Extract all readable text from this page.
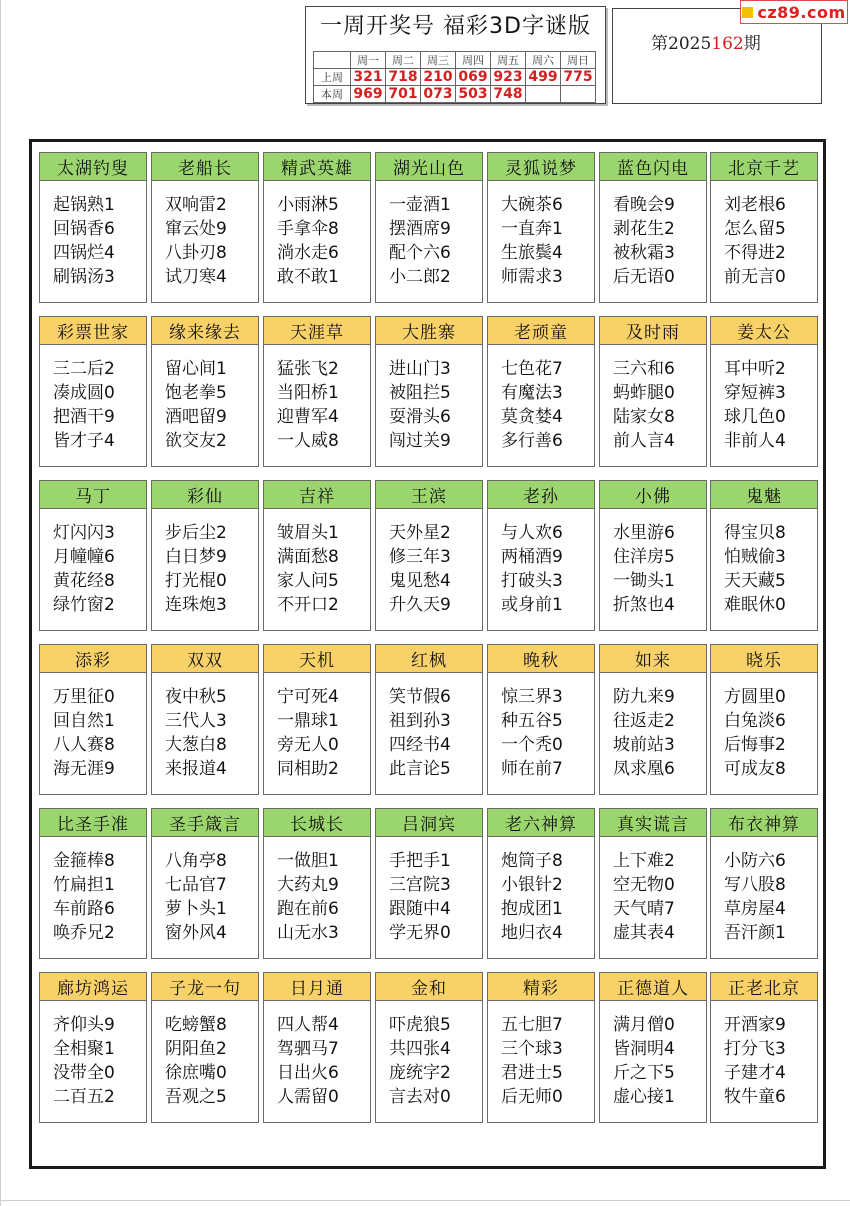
一周开奖号 福彩3D字谜版
	周一	周二	周三	周四	周五	周六	周日
上周	321	718	210	069	923	499	775
本周	969	701	073	503	748		
第2025162期
cz89.com
太湖钓叟
起锅熟1
回锅香6
四锅烂4
刷锅汤3
老船长
双响雷2
窜云处9
八卦刃8
试刀寒4
精武英雄
小雨淋5
手拿伞8
淌水走6
敢不敢1
湖光山色
一壶酒1
摆酒席9
配个六6
小二郎2
灵狐说梦
大碗茶6
一直奔1
生旅鬓4
师需求3
蓝色闪电
看晚会9
剥花生2
被秋霜3
后无语0
北京千艺
刘老根6
怎么留5
不得进2
前无言0
彩票世家
三二后2
凑成圆0
把酒干9
皆才子4
缘来缘去
留心间1
饱老拳5
酒吧留9
欲交友2
天涯草
猛张飞2
当阳桥1
迎曹军4
一人威8
大胜寨
进山门3
被阻拦5
耍滑头6
闯过关9
老顽童
七色花7
有魔法3
莫贪婪4
多行善6
及时雨
三六和6
蚂蚱腿0
陆家女8
前人言4
姜太公
耳中听2
穿短裤3
球几色0
非前人4
马丁
灯闪闪3
月幢幢6
黄花经8
绿竹窗2
彩仙
步后尘2
白日梦9
打光棍0
连珠炮3
吉祥
皱眉头1
满面愁8
家人问5
不开口2
王滨
天外星2
修三年3
鬼见愁4
升久天9
老孙
与人欢6
两桶酒9
打破头3
或身前1
小佛
水里游6
住洋房5
一锄头1
折煞也4
鬼魅
得宝贝8
怕贼偷3
天天藏5
难眠休0
添彩
万里征0
回自然1
八人赛8
海无涯9
双双
夜中秋5
三代人3
大葱白8
来报道4
天机
宁可死4
一鼎球1
旁无人0
同相助2
红枫
笑节假6
祖到孙3
四经书4
此言论5
晚秋
惊三界3
种五谷5
一个秃0
师在前7
如来
防九来9
往返走2
坡前站3
凤求凰6
晓乐
方圆里0
白兔淡6
后悔事2
可成友8
比圣手准
金箍棒8
竹扁担1
车前路6
唤乔兄2
圣手箴言
八角亭8
七品官7
萝卜头1
窗外风4
长城长
一做胆1
大药丸9
跑在前6
山无水3
吕洞宾
手把手1
三宫院3
跟随中4
学无界0
老六神算
炮筒子8
小银针2
抱成团1
地归衣4
真实谎言
上下难2
空无物0
天气晴7
虚其表4
布衣神算
小防六6
写八股8
草房屋4
吾汗颜1
廊坊鸿运
齐仰头9
全相聚1
没带全0
二百五2
子龙一句
吃螃蟹8
阴阳鱼2
徐庶嘴0
吾观之5
日月通
四人帮4
驾驷马7
日出火6
人需留0
金和
吓虎狼5
共四张4
庞统字2
言去对0
精彩
五七胆7
三个球3
君进士5
后无师0
正德道人
满月僧0
皆洞明4
斤之下5
虚心接1
正老北京
开酒家9
打分飞3
子建才4
牧牛童6
